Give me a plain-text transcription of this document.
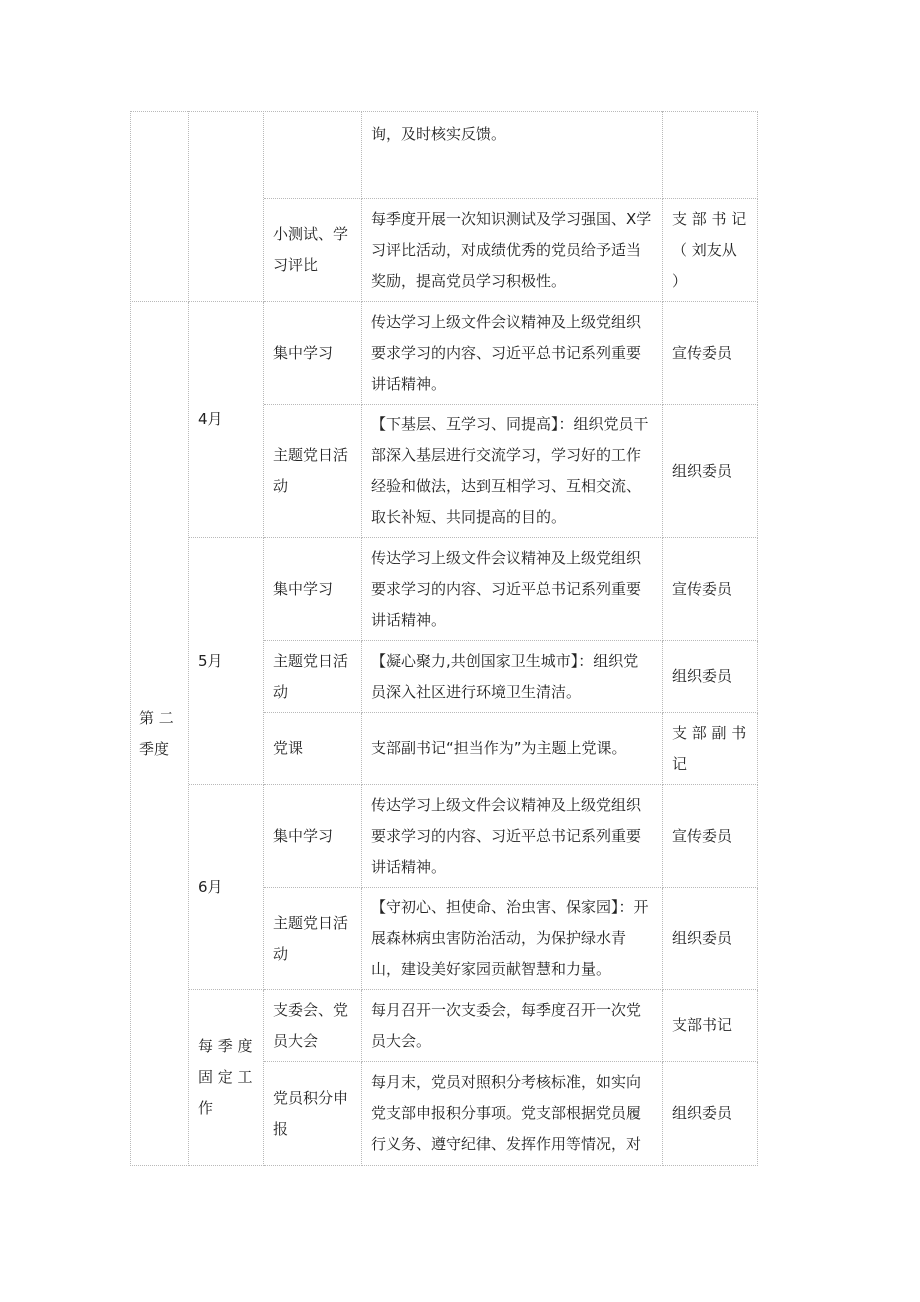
第 二
季度
4月
5月
6月
每 季 度
固 定 工
作
询，及时核实反馈。
小测试、学习评比
每季度开展一次知识测试及学习强国、X学习评比活动，对成绩优秀的党员给予适当奖励，提高党员学习积极性。
支 部 书 记
（ 刘友从 ）
集中学习
传达学习上级文件会议精神及上级党组织要求学习的内容、习近平总书记系列重要讲话精神。
宣传委员
主题党日活动
【下基层、互学习、同提高】：组织党员干部深入基层进行交流学习，学习好的工作经验和做法，达到互相学习、互相交流、取长补短、共同提高的目的。
组织委员
集中学习
传达学习上级文件会议精神及上级党组织要求学习的内容、习近平总书记系列重要讲话精神。
宣传委员
主题党日活动
【凝心聚力,共创国家卫生城市】：组织党员深入社区进行环境卫生清洁。
组织委员
党课	支部副书记“担当作为”为主题上党课。
支 部 副 书 记
集中学习
传达学习上级文件会议精神及上级党组织要求学习的内容、习近平总书记系列重要讲话精神。
宣传委员
主题党日活动
【守初心、担使命、治虫害、保家园】：开展森林病虫害防治活动，为保护绿水青山，建设美好家园贡献智慧和力量。
组织委员
支委会、党员大会
每月召开一次支委会，每季度召开一次党员大会。
支部书记
党员积分申报
每月末，党员对照积分考核标准，如实向党支部申报积分事项。党支部根据党员履行义务、遵守纪律、发挥作用等情况，对
组织委员
